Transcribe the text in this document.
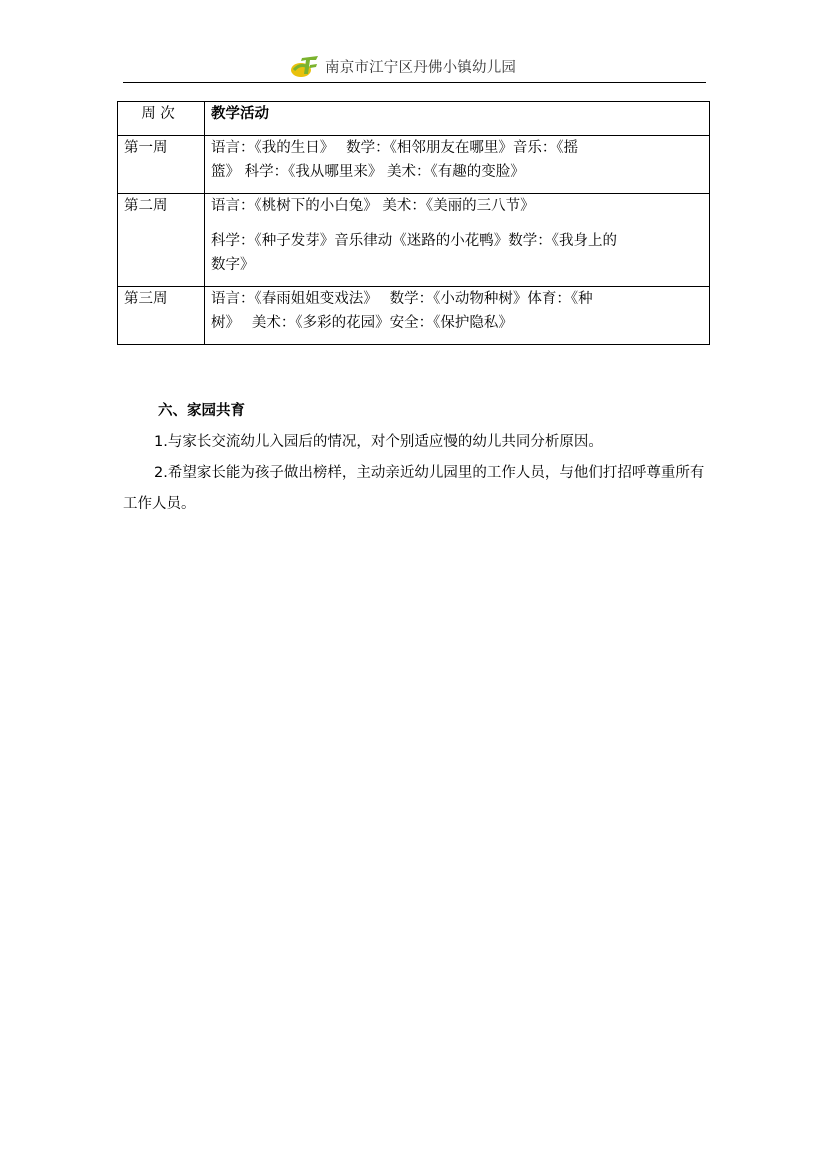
南京市江宁区丹佛小镇幼儿园
周 次	教学活动
第一周	语言：《我的生日》　 数学：《相邻朋友在哪里》音乐：《摇
篮》 科学：《我从哪里来》 美术：《有趣的变脸》

第二周	语言：《桃树下的小白兔》 美术：《美丽的三八节》
科学：《种子发芽》音乐律动《迷路的小花鸭》数学：《我身上的
数字》

第三周	语言：《春雨姐姐变戏法》　 数学：《小动物种树》体育：《种
树》　 美术：《多彩的花园》安全：《保护隐私》
六、家园共育
1.与家长交流幼儿入园后的情况，对个别适应慢的幼儿共同分析原因。
2.希望家长能为孩子做出榜样，主动亲近幼儿园里的工作人员，与他们打招呼尊重所有工作人员。
